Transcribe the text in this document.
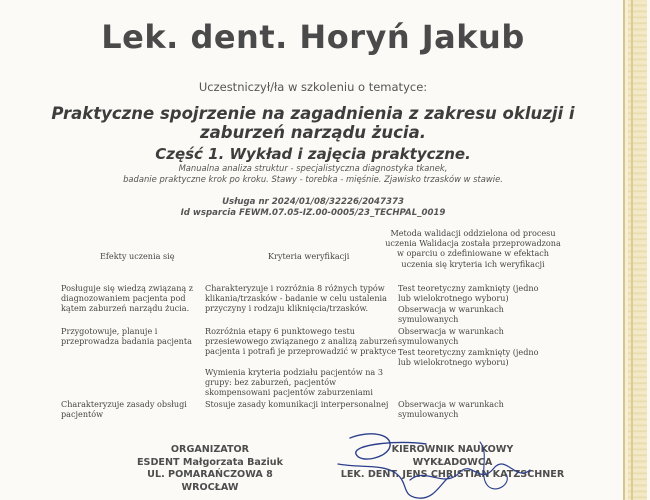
Lek. dent. Horyń Jakub
Uczestniczył/ła w szkoleniu o tematyce:
Praktyczne spojrzenie na zagadnienia z zakresu okluzji i
zaburzeń narządu żucia.
Część 1. Wykład i zajęcia praktyczne.
Manualna analiza struktur - specjalistyczna diagnostyka tkanek,
badanie praktyczne krok po kroku. Stawy - torebka - mięśnie. Zjawisko trzasków w stawie.
Usługa nr 2024/01/08/32226/2047373
Id wsparcia FEWM.07.05-IZ.00-0005/23_TECHPAL_0019
Efekty uczenia się	Kryteria weryfikacji
Metoda walidacji oddzielona od procesu uczenia Walidacja została przeprowadzona w oparciu o zdefiniowane w efektach uczenia się kryteria ich weryfikacji
Posługuje się wiedzą związaną z diagnozowaniem pacjenta pod kątem zaburzeń narządu żucia.
Charakteryzuje i rozróżnia 8 różnych typów klikania/trzasków - badanie w celu ustalenia przyczyny i rodzaju kliknięcia/trzasków.
Test teoretyczny zamknięty (jedno lub wielokrotnego wyboru)
Obserwacja w warunkach symulowanych
Przygotowuje, planuje i przeprowadza badania pacjenta
Rozróżnia etapy 6 punktowego testu przesiewowego związanego z analizą zaburzeń pacjenta i potrafi je przeprowadzić w praktyce
Obserwacja w warunkach symulowanych
Test teoretyczny zamknięty (jedno lub wielokrotnego wyboru)
Wymienia kryteria podziału pacjentów na 3 grupy: bez zaburzeń, pacjentów skompensowani pacjentów zaburzeniami
Charakteryzuje zasady obsługi pacjentów
Stosuje zasady komunikacji interpersonalnej	Obserwacja w warunkach symulowanych
ORGANIZATOR
ESDENT Małgorzata Baziuk
UL. POMARAŃCZOWA 8
WROCŁAW
KIEROWNIK NAUKOWY
WYKŁADOWCA
LEK. DENT. JENS CHRISTIAN KATZSCHNER
